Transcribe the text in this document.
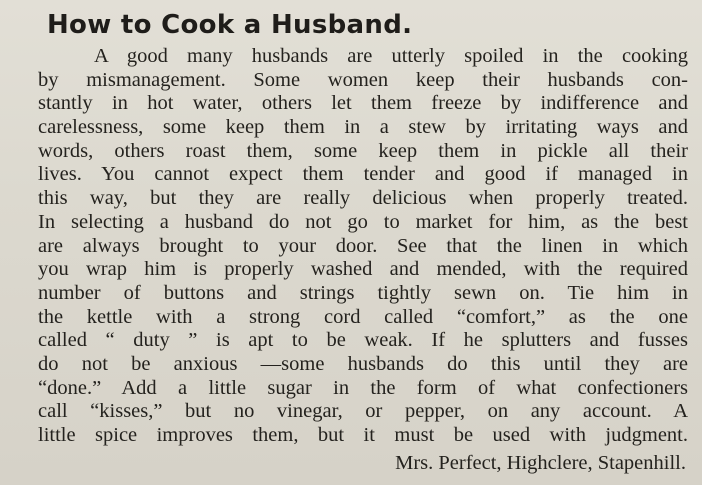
How to Cook a Husband.
A good many husbands are utterly spoiled in the cooking
by mismanagement. Some women keep their husbands con-
stantly in hot water, others let them freeze by indifference and
carelessness, some keep them in a stew by irritating ways and
words, others roast them, some keep them in pickle all their
lives. You cannot expect them tender and good if managed in
this way, but they are really delicious when properly treated.
In selecting a husband do not go to market for him, as the best
are always brought to your door. See that the linen in which
you wrap him is properly washed and mended, with the required
number of buttons and strings tightly sewn on. Tie him in
the kettle with a strong cord called “comfort,” as the one
called “ duty ” is apt to be weak. If he splutters and fusses
do not be anxious —some husbands do this until they are
“done.” Add a little sugar in the form of what confectioners
call “kisses,” but no vinegar, or pepper, on any account. A
little spice improves them, but it must be used with judgment.
Mrs. Perfect, Highclere, Stapenhill.
